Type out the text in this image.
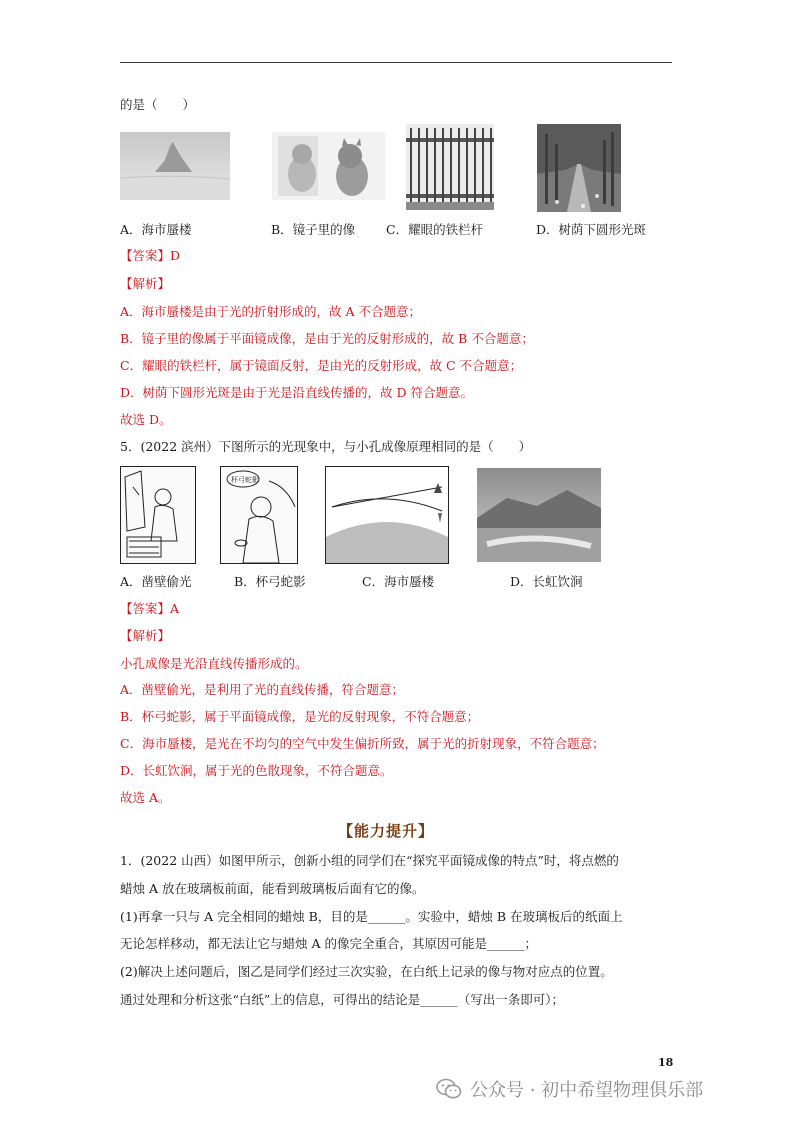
的是（　　）
A．海市蜃楼	B．镜子里的像 C．耀眼的铁栏杆	D．树荫下圆形光斑
【答案】D
【解析】
A．海市蜃楼是由于光的折射形成的，故 A 不合题意；
B．镜子里的像属于平面镜成像，是由于光的反射形成的，故 B 不合题意；
C．耀眼的铁栏杆，属于镜面反射，是由光的反射形成，故 C 不合题意；
D．树荫下圆形光斑是由于光是沿直线传播的，故 D 符合题意。
故选 D。
5．(2022 滨州）下图所示的光现象中，与小孔成像原理相同的是（　　）
杯弓蛇影
A．凿壁偷光	B．杯弓蛇影	C．海市蜃楼	D．长虹饮涧
【答案】A
【解析】
小孔成像是光沿直线传播形成的。
A．凿壁偷光，是利用了光的直线传播，符合题意；
B．杯弓蛇影，属于平面镜成像，是光的反射现象，不符合题意；
C．海市蜃楼，是光在不均匀的空气中发生偏折所致，属于光的折射现象，不符合题意；
D．长虹饮涧，属于光的色散现象，不符合题意。
故选 A。
【能力提升】
1．(2022 山西）如图甲所示，创新小组的同学们在“探究平面镜成像的特点”时，将点燃的
蜡烛 A 放在玻璃板前面，能看到玻璃板后面有它的像。
(1)再拿一只与 A 完全相同的蜡烛 B，目的是______。实验中，蜡烛 B 在玻璃板后的纸面上
无论怎样移动，都无法让它与蜡烛 A 的像完全重合，其原因可能是______；
(2)解决上述问题后，图乙是同学们经过三次实验，在白纸上记录的像与物对应点的位置。
通过处理和分析这张“白纸”上的信息，可得出的结论是______（写出一条即可）；
18
公众号 · 初中希望物理俱乐部
